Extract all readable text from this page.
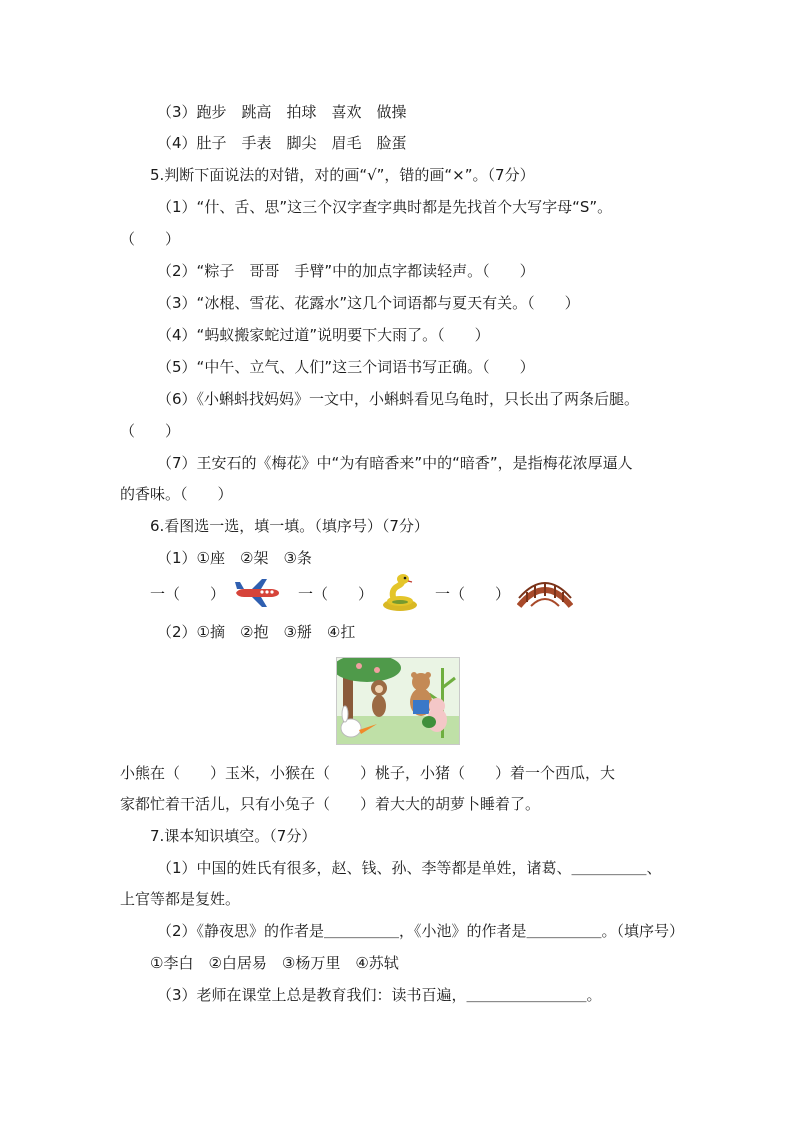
（3）跑步　跳高　拍球　喜欢　做操
（4）肚子　手表　脚尖　眉毛　脸蛋
5.判断下面说法的对错，对的画“√”，错的画“×”。（7分）
（1）“什、舌、思”这三个汉字查字典时都是先找首个大写字母“S”。
（　　）
（2）“粽子　哥哥　手臂”中的加点字都读轻声。（　　）
（3）“冰棍、雪花、花露水”这几个词语都与夏天有关。（　　）
（4）“蚂蚁搬家蛇过道”说明要下大雨了。（　　）
（5）“中午、立气、人们”这三个词语书写正确。（　　）
（6）《小蝌蚪找妈妈》一文中，小蝌蚪看见乌龟时，只长出了两条后腿。
（　　）
（7）王安石的《梅花》中“为有暗香来”中的“暗香”，是指梅花浓厚逼人
的香味。（　　）
6.看图选一选，填一填。（填序号）（7分）
（1）①座　②架　③条
一（　　）	一（　　）	一（　　）
（2）①摘　②抱　③掰　④扛
小熊在（　　）玉米，小猴在（　　）桃子，小猪（　　）着一个西瓜，大
家都忙着干活儿，只有小兔子（　　）着大大的胡萝卜睡着了。
7.课本知识填空。（7分）
（1）中国的姓氏有很多，赵、钱、孙、李等都是单姓，诸葛、＿＿＿＿＿、
上官等都是复姓。
（2）《静夜思》的作者是＿＿＿＿＿，《小池》的作者是＿＿＿＿＿。（填序号）
①李白　②白居易　③杨万里　④苏轼
（3）老师在课堂上总是教育我们：读书百遍，＿＿＿＿＿＿＿＿。
